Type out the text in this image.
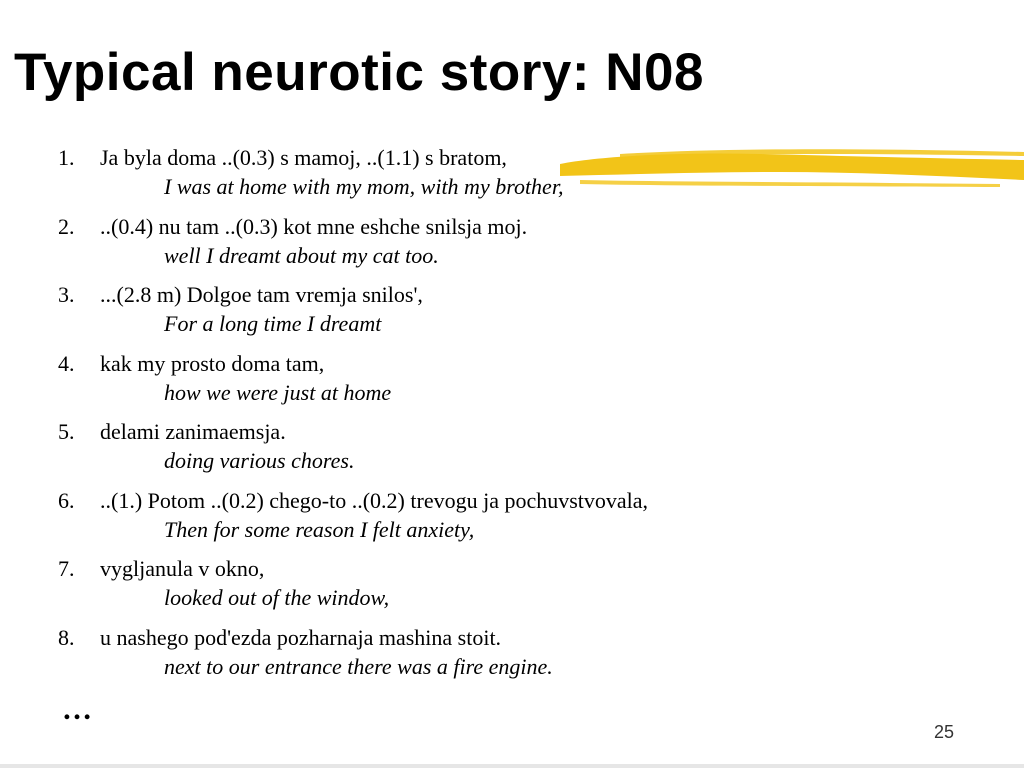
Typical neurotic story: N08
1.	Ja byla doma ..(0.3) s mamoj, ..(1.1) s bratom,
I was at home with my mom, with my brother,
2.	..(0.4) nu tam ..(0.3) kot mne eshche snilsja moj.
well I dreamt about my cat too.
3.	...(2.8 m) Dolgoe tam vremja snilos',
For a long time I dreamt
4.	kak my prosto doma tam,
how we were just at home
5.	delami zanimaemsja.
doing various chores.
6.	..(1.) Potom ..(0.2) chego-to ..(0.2) trevogu ja pochuvstvovala,
Then for some reason I felt anxiety,
7.	vygljanula v okno,
looked out of the window,
8.	u nashego pod'ezda pozharnaja mashina stoit.
next to our entrance there was a fire engine.
…
25
